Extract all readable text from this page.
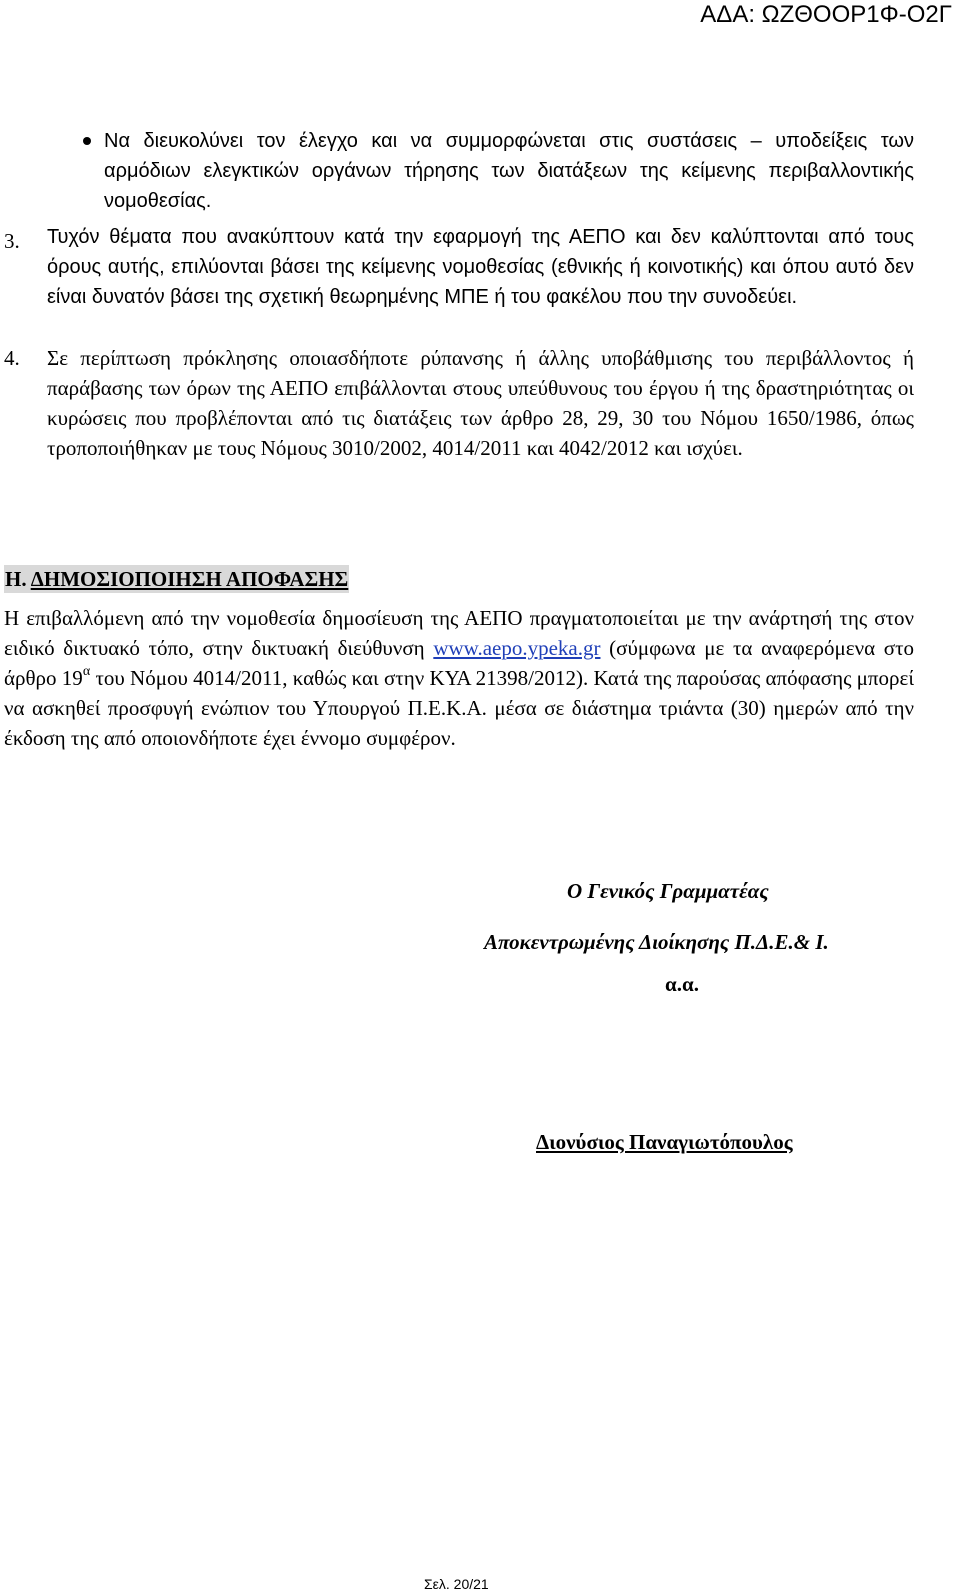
ΑΔΑ: ΩΖΘΟΟΡ1Φ-Ο2Γ
Να διευκολύνει τον έλεγχο και να συμμορφώνεται στις συστάσεις – υποδείξεις των αρμόδιων ελεγκτικών οργάνων τήρησης των διατάξεων της κείμενης περιβαλλοντικής νομοθεσίας.
3. Τυχόν θέματα που ανακύπτουν κατά την εφαρμογή της ΑΕΠΟ και δεν καλύπτονται από τους όρους αυτής, επιλύονται βάσει της κείμενης νομοθεσίας (εθνικής ή κοινοτικής) και όπου αυτό δεν είναι δυνατόν βάσει της σχετική θεωρημένης ΜΠΕ ή του φακέλου που την συνοδεύει.
4. Σε περίπτωση πρόκλησης οποιασδήποτε ρύπανσης ή άλλης υποβάθμισης του περιβάλλοντος ή παράβασης των όρων της ΑΕΠΟ επιβάλλονται στους υπεύθυνους του έργου ή της δραστηριότητας οι κυρώσεις που προβλέπονται από τις διατάξεις των άρθρο 28, 29, 30 του Νόμου 1650/1986, όπως τροποποιήθηκαν με τους Νόμους 3010/2002, 4014/2011 και 4042/2012 και ισχύει.
Η. ΔΗΜΟΣΙΟΠΟΙΗΣΗ ΑΠΟΦΑΣΗΣ
Η επιβαλλόμενη από την νομοθεσία δημοσίευση της ΑΕΠΟ πραγματοποιείται με την ανάρτησή της στον ειδικό δικτυακό τόπο, στην δικτυακή διεύθυνση www.aepo.ypeka.gr (σύμφωνα με τα αναφερόμενα στο άρθρο $19^\alpha$ του Νόμου 4014/2011, καθώς και στην ΚΥΑ 21398/2012). Κατά της παρούσας απόφασης μπορεί να ασκηθεί προσφυγή ενώπιον του Υπουργού Π.Ε.Κ.Α. μέσα σε διάστημα τριάντα (30) ημερών από την έκδοση της από οποιονδήποτε έχει έννομο συμφέρον.
Ο Γενικός Γραμματέας
Αποκεντρωμένης Διοίκησης Π.Δ.Ε.& Ι.
α.α.
Διονύσιος Παναγιωτόπουλος
Σελ. 20/21
